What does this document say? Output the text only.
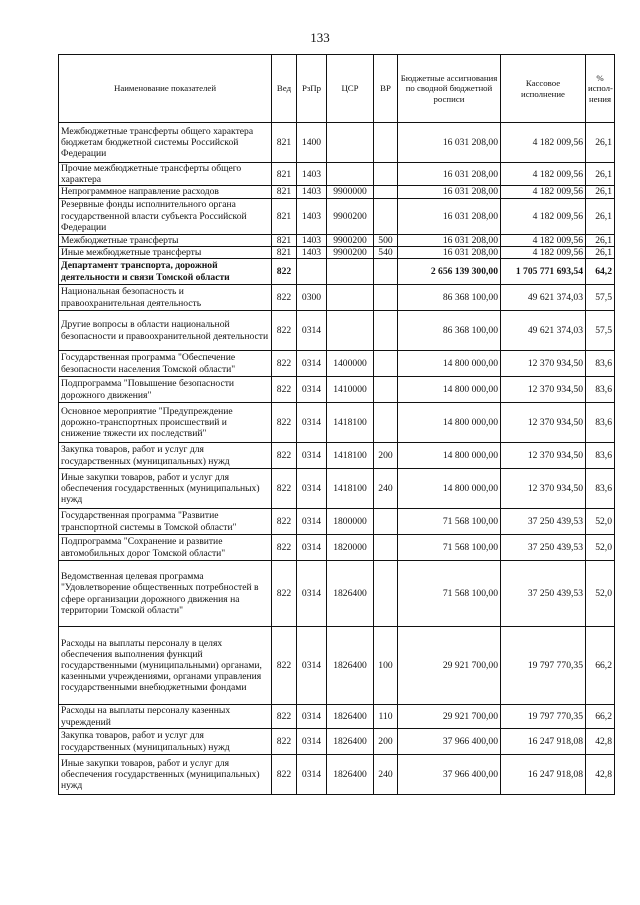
133
Наименование показателей	Вед	РзПр	ЦСР	ВР	Бюджетные ассигнования по сводной бюджетной росписи	Кассовое исполнение	% испол-нения
Межбюджетные трансферты общего характера бюджетам бюджетной системы Российской Федерации	821	1400			16 031 208,00	4 182 009,56	26,1
Прочие межбюджетные трансферты общего характера	821	1403			16 031 208,00	4 182 009,56	26,1
Непрограммное направление расходов	821	1403	9900000		16 031 208,00	4 182 009,56	26,1
Резервные фонды исполнительного органа государственной власти субъекта Российской Федерации	821	1403	9900200		16 031 208,00	4 182 009,56	26,1
Межбюджетные трансферты	821	1403	9900200	500	16 031 208,00	4 182 009,56	26,1
Иные межбюджетные трансферты	821	1403	9900200	540	16 031 208,00	4 182 009,56	26,1
Департамент транспорта, дорожной деятельности и связи Томской области	822				2 656 139 300,00	1 705 771 693,54	64,2
Национальная безопасность и правоохранительная деятельность	822	0300			86 368 100,00	49 621 374,03	57,5
Другие вопросы в области национальной безопасности и правоохранительной деятельности	822	0314			86 368 100,00	49 621 374,03	57,5
Государственная программа "Обеспечение безопасности населения Томской области"	822	0314	1400000		14 800 000,00	12 370 934,50	83,6
Подпрограмма "Повышение безопасности дорожного движения"	822	0314	1410000		14 800 000,00	12 370 934,50	83,6
Основное мероприятие "Предупреждение дорожно-транспортных происшествий и снижение тяжести их последствий"	822	0314	1418100		14 800 000,00	12 370 934,50	83,6
Закупка товаров, работ и услуг для государственных (муниципальных) нужд	822	0314	1418100	200	14 800 000,00	12 370 934,50	83,6
Иные закупки товаров, работ и услуг для обеспечения государственных (муниципальных) нужд	822	0314	1418100	240	14 800 000,00	12 370 934,50	83,6
Государственная программа "Развитие транспортной системы в Томской области"	822	0314	1800000		71 568 100,00	37 250 439,53	52,0
Подпрограмма "Сохранение и развитие автомобильных дорог Томской области"	822	0314	1820000		71 568 100,00	37 250 439,53	52,0
Ведомственная целевая программа "Удовлетворение общественных потребностей в сфере организации дорожного движения на территории Томской области"	822	0314	1826400		71 568 100,00	37 250 439,53	52,0
Расходы на выплаты персоналу в целях обеспечения выполнения функций государственными (муниципальными) органами, казенными учреждениями, органами управления государственными внебюджетными фондами	822	0314	1826400	100	29 921 700,00	19 797 770,35	66,2
Расходы на выплаты персоналу казенных учреждений	822	0314	1826400	110	29 921 700,00	19 797 770,35	66,2
Закупка товаров, работ и услуг для государственных (муниципальных) нужд	822	0314	1826400	200	37 966 400,00	16 247 918,08	42,8
Иные закупки товаров, работ и услуг для обеспечения государственных (муниципальных) нужд	822	0314	1826400	240	37 966 400,00	16 247 918,08	42,8
